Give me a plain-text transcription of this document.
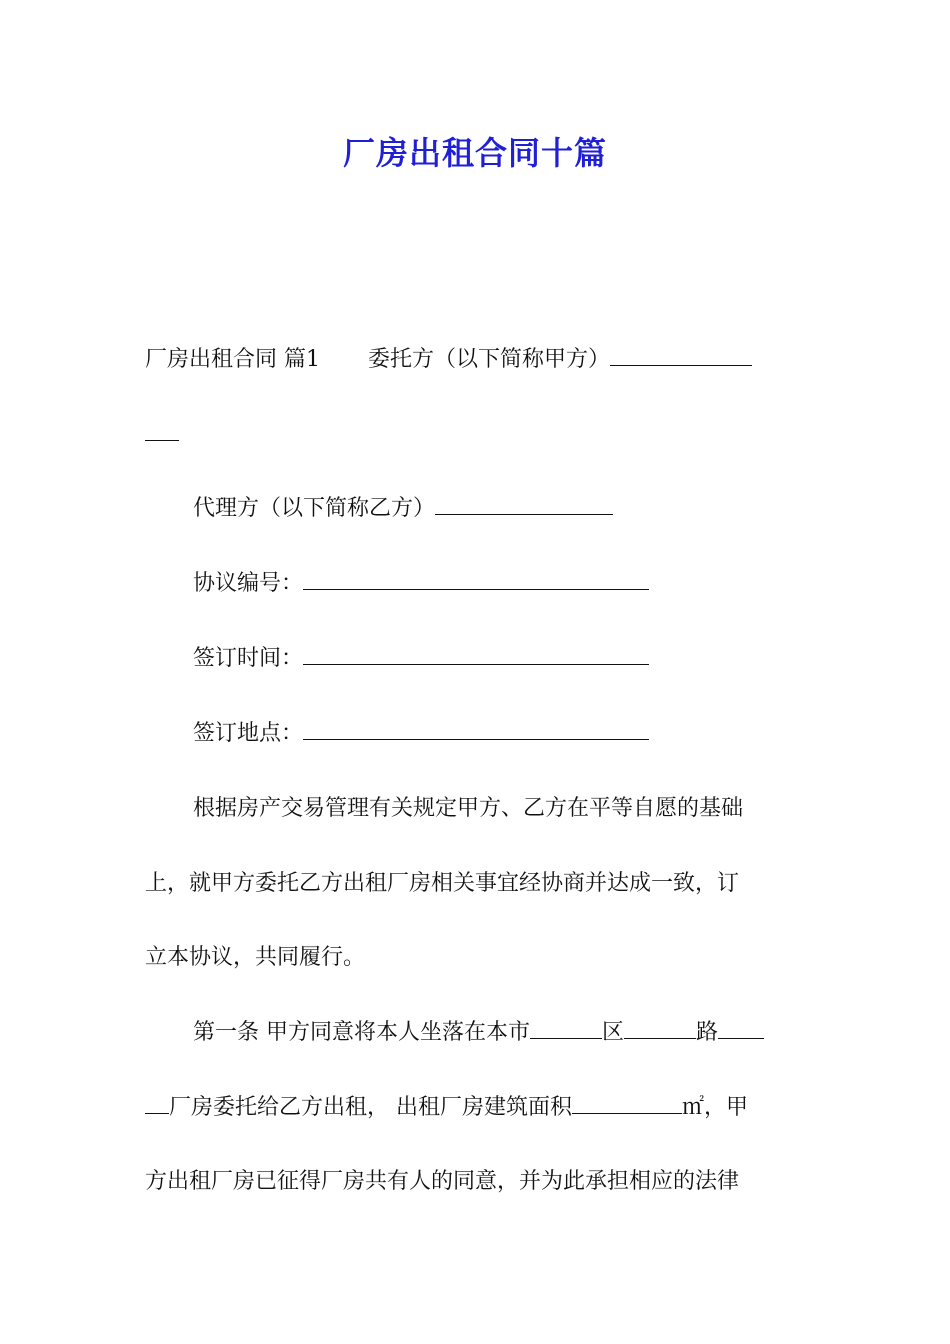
厂房出租合同十篇
厂房出租合同 篇1 委托方（以下简称甲方）
代理方（以下简称乙方）
协议编号：
签订时间：
签订地点：
根据房产交易管理有关规定甲方、乙方在平等自愿的基础
上，就甲方委托乙方出租厂房相关事宜经协商并达成一致，订
立本协议，共同履行。
第一条 甲方同意将本人坐落在本市	区	路
厂房委托给乙方出租， 出租厂房建筑面积	㎡，甲
方出租厂房已征得厂房共有人的同意，并为此承担相应的法律
